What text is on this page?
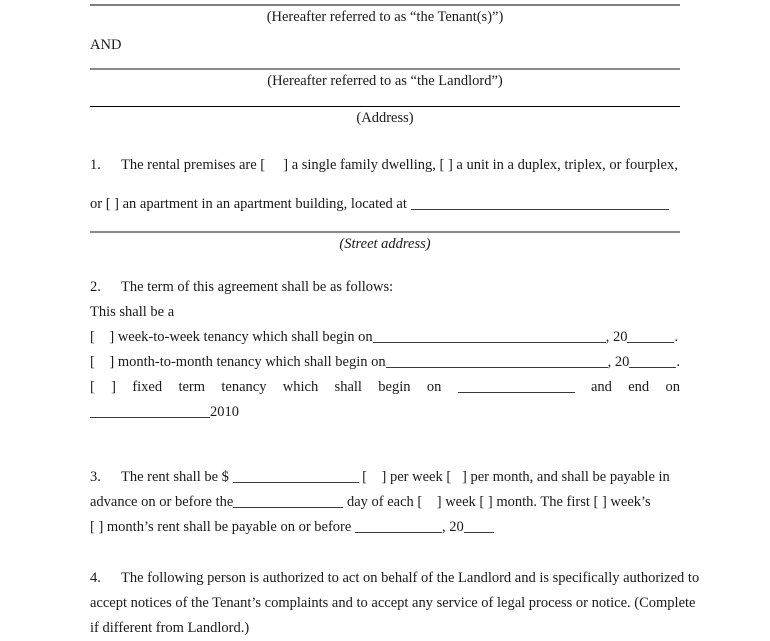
(Hereafter referred to as “the Tenant(s)”)
AND
(Hereafter referred to as “the Landlord”)
(Address)
1. The rental premises are [ ] a single family dwelling, [ ] a unit in a duplex, triplex, or fourplex,
or [ ] an apartment in an apartment building, located at
(Street address)
2. The term of this agreement shall be as follows:
This shall be a
[ ] week-to-week tenancy which shall begin on	, 20	.
[ ] month-to-month tenancy which shall begin on	, 20	.
[ ] fixed term tenancy which shall begin on	and end on
2010
3. The rent shall be $	[ ] per week [ ] per month, and shall be payable in
advance on or before the	day of each [ ] week [ ] month. The first [ ] week’s
[ ] month’s rent shall be payable on or before	, 20
4. The following person is authorized to act on behalf of the Landlord and is specifically authorized to
accept notices of the Tenant’s complaints and to accept any service of legal process or notice. (Complete
if different from Landlord.)
